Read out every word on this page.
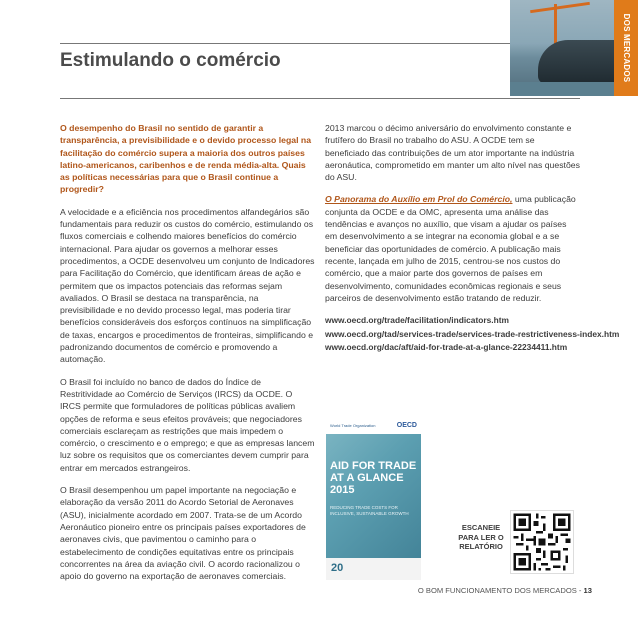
DOS MERCADOS
Estimulando o comércio

O desempenho do Brasil no sentido de garantir a transparência, a previsibilidade e o devido processo legal na facilitação do comércio supera a maioria dos outros países latino-americanos, caribenhos e de renda média-alta. Quais as políticas necessárias para que o Brasil continue a progredir?

A velocidade e a eficiência nos procedimentos alfandegários são fundamentais para reduzir os custos do comércio, estimulando os fluxos comerciais e colhendo maiores benefícios do comércio internacional. Para ajudar os governos a melhorar esses procedimentos, a OCDE desenvolveu um conjunto de Indicadores para Facilitação do Comércio, que identificam áreas de ação e permitem que os impactos potenciais das reformas sejam avaliados. O Brasil se destaca na transparência, na previsibilidade e no devido processo legal, mas poderia tirar benefícios consideráveis dos esforços contínuos na simplificação de taxas, encargos e procedimentos de fronteiras, simplificando e padronizando documentos de comércio e promovendo a automação.

O Brasil foi incluído no banco de dados do Índice de Restritividade ao Comércio de Serviços (IRCS) da OCDE. O IRCS permite que formuladores de políticas públicas avaliem opções de reforma e seus efeitos prováveis; que negociadores comerciais esclareçam as restrições que mais impedem o comércio, o crescimento e o emprego; e que as empresas lancem luz sobre os requisitos que os comerciantes devem cumprir para entrar em mercados estrangeiros.

O Brasil desempenhou um papel importante na negociação e elaboração da versão 2011 do Acordo Setorial de Aeronaves (ASU), inicialmente acordado em 2007. Trata-se de um Acordo Aeronáutico pioneiro entre os principais países exportadores de aeronaves civis, que pavimentou o caminho para o estabelecimento de condições equitativas entre os principais concorrentes na área da aviação civil. O acordo racionalizou o apoio do governo na exportação de aeronaves comerciais.

2013 marcou o décimo aniversário do envolvimento constante e frutífero do Brasil no trabalho do ASU. A OCDE tem se beneficiado das contribuições de um ator importante na indústria aeronáutica, comprometido em manter um alto nível nas questões do ASU.

O Panorama do Auxílio em Prol do Comércio, uma publicação conjunta da OCDE e da OMC, apresenta uma análise das tendências e avanços no auxílio, que visam a ajudar os países em desenvolvimento a se integrar na economia global e a se beneficiar das oportunidades de comércio. A publicação mais recente, lançada em julho de 2015, centrou-se nos custos do comércio, que a maior parte dos governos de países em desenvolvimento, comunidades econômicas regionais e seus parceiros de desenvolvimento estão tratando de reduzir.

www.oecd.org/trade/facilitation/indicators.htm
www.oecd.org/tad/services-trade/services-trade-restrictiveness-index.htm
www.oecd.org/dac/aft/aid-for-trade-at-a-glance-22234411.htm
World Trade Organization	OECD
AID FOR TRADE
AT A GLANCE
2015
REDUCING TRADE COSTS FOR INCLUSIVE, SUSTAINABLE GROWTH
20
ESCANEIE PARA LER O RELATÓRIO
O BOM FUNCIONAMENTO DOS MERCADOS - 13
